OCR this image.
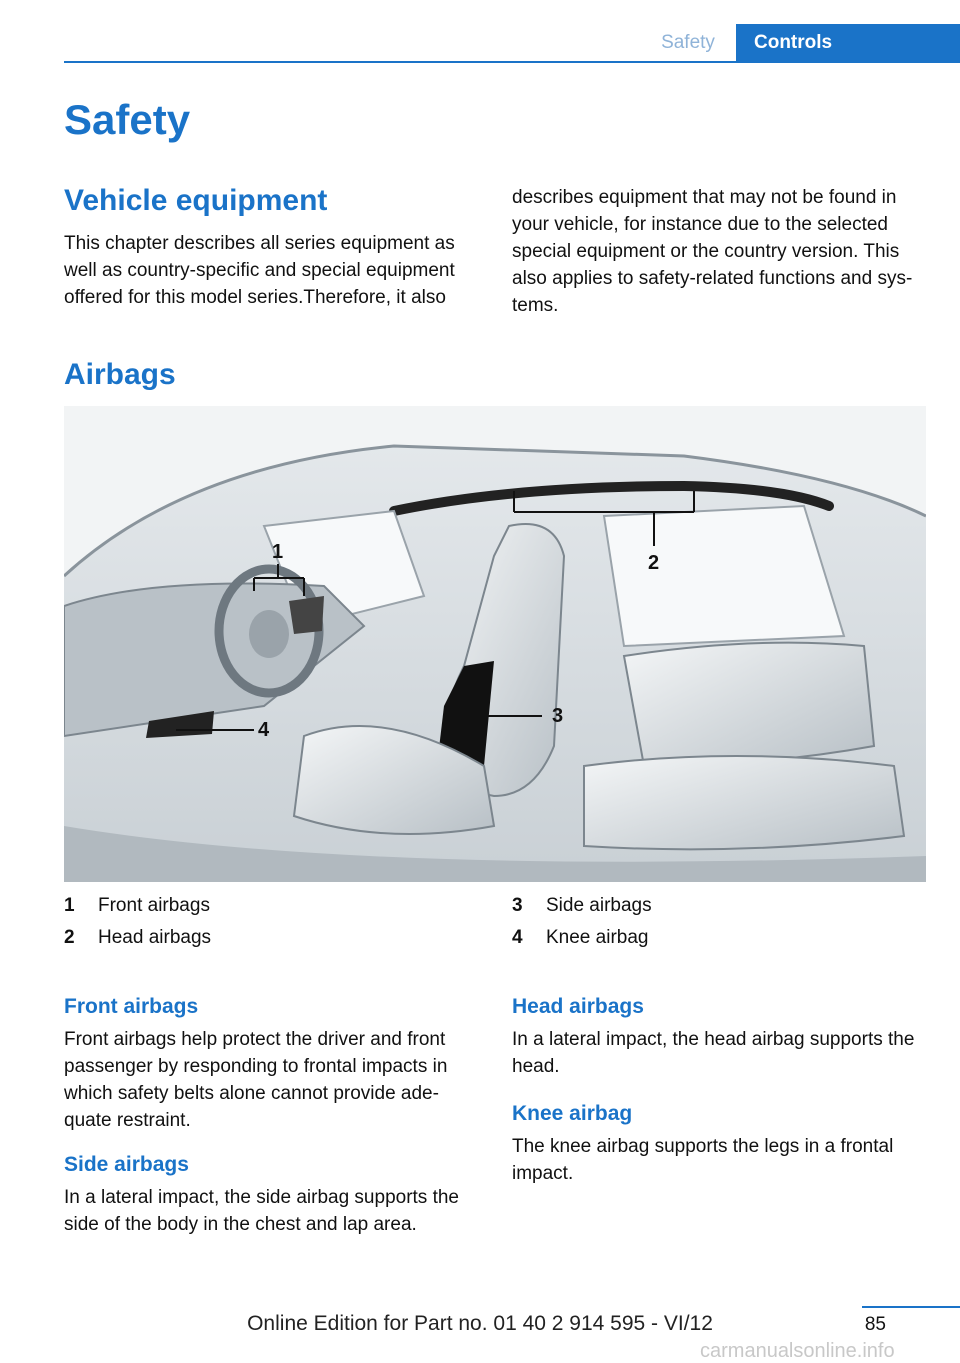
Safety	Controls
Safety
Vehicle equipment
This chapter describes all series equipment as
well as country-specific and special equipment
offered for this model series.Therefore, it also
describes equipment that may not be found in
your vehicle, for instance due to the selected
special equipment or the country version. This
also applies to safety-related functions and sys-
tems.
Airbags
1	2
3
4
1	Front airbags
2	Head airbags
3	Side airbags
4	Knee airbag
Front airbags
Front airbags help protect the driver and front
passenger by responding to frontal impacts in
which safety belts alone cannot provide ade-
quate restraint.
Side airbags
In a lateral impact, the side airbag supports the
side of the body in the chest and lap area.
Head airbags
In a lateral impact, the head airbag supports the
head.
Knee airbag
The knee airbag supports the legs in a frontal
impact.
85
Online Edition for Part no. 01 40 2 914 595 - VI/12
carmanualsonline.info
